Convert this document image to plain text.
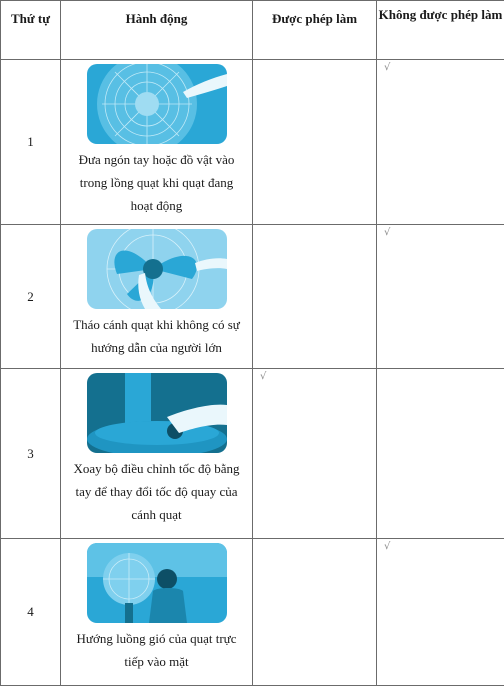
Thứ tự	Hành động	Được phép làm	Không được phép làm
1	Đưa ngón tay hoặc đồ vật vào trong lồng quạt khi quạt đang hoạt động		√

2	Tháo cánh quạt khi không có sự hướng dẫn của người lớn		√

3	Xoay bộ điều chỉnh tốc độ bằng tay để thay đổi tốc độ quay của cánh quạt	√	

4	Hướng luồng gió của quạt trực tiếp vào mặt		√
